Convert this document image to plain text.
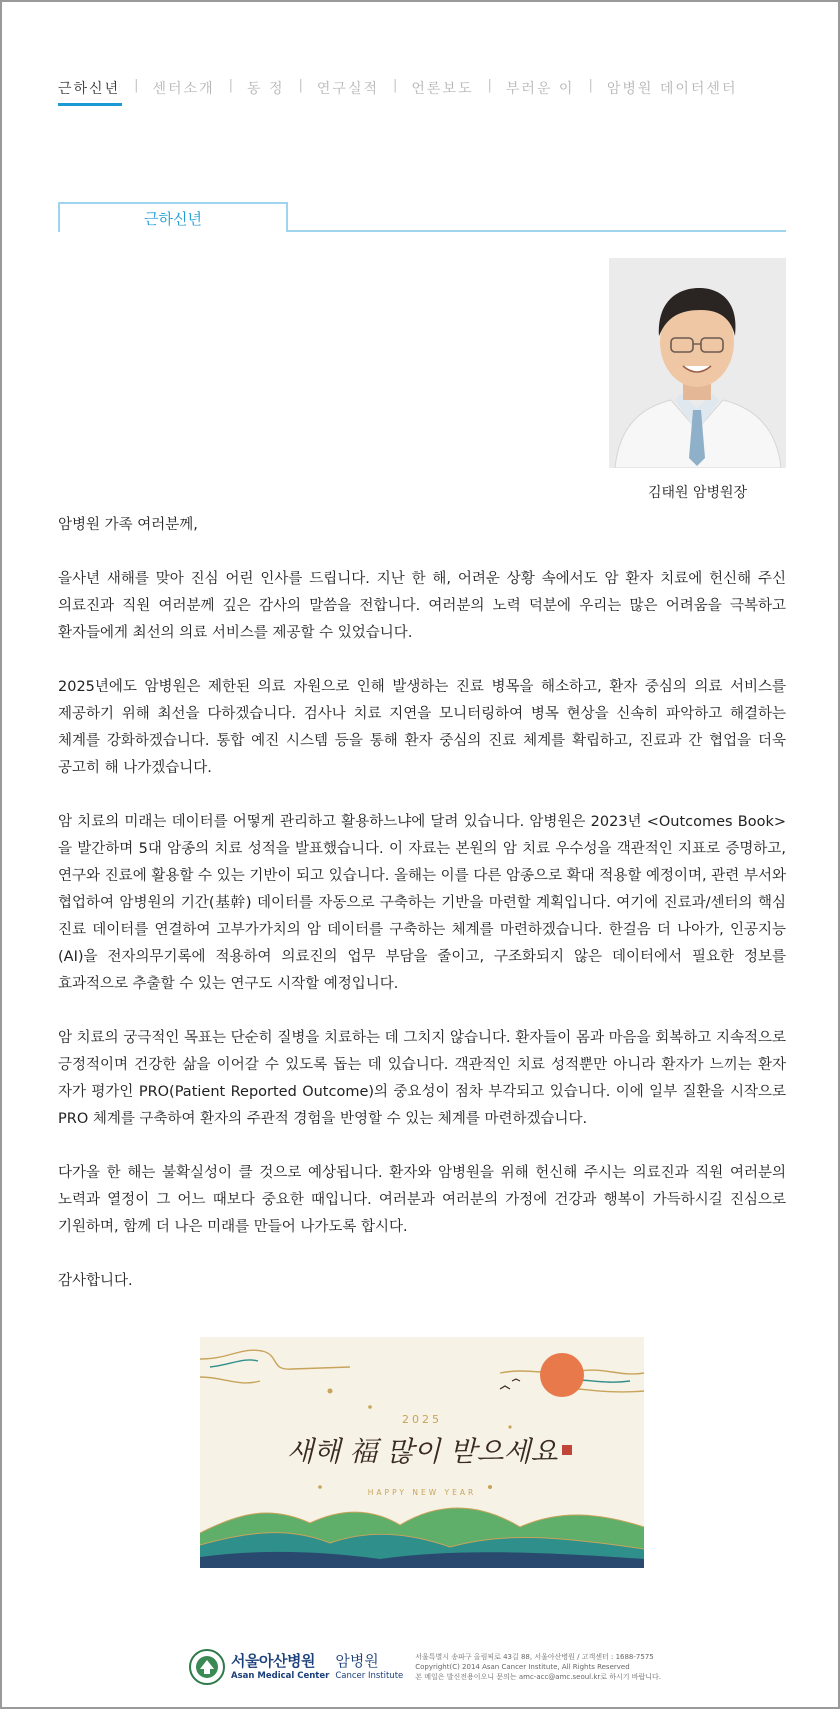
근하신년 | 센터소개 | 동 정 | 연구실적 | 언론보도 | 부러운 이 | 암병원 데이터센터
근하신년
김태원 암병원장

암병원 가족 여러분께,

을사년 새해를 맞아 진심 어린 인사를 드립니다. 지난 한 해, 어려운 상황 속에서도 암 환자 치료에 헌신해 주신 의료진과 직원 여러분께 깊은 감사의 말씀을 전합니다. 여러분의 노력 덕분에 우리는 많은 어려움을 극복하고 환자들에게 최선의 의료 서비스를 제공할 수 있었습니다.

2025년에도 암병원은 제한된 의료 자원으로 인해 발생하는 진료 병목을 해소하고, 환자 중심의 의료 서비스를 제공하기 위해 최선을 다하겠습니다. 검사나 치료 지연을 모니터링하여 병목 현상을 신속히 파악하고 해결하는 체계를 강화하겠습니다. 통합 예진 시스템 등을 통해 환자 중심의 진료 체계를 확립하고, 진료과 간 협업을 더욱 공고히 해 나가겠습니다.

암 치료의 미래는 데이터를 어떻게 관리하고 활용하느냐에 달려 있습니다. 암병원은 2023년 <Outcomes Book>을 발간하며 5대 암종의 치료 성적을 발표했습니다. 이 자료는 본원의 암 치료 우수성을 객관적인 지표로 증명하고, 연구와 진료에 활용할 수 있는 기반이 되고 있습니다. 올해는 이를 다른 암종으로 확대 적용할 예정이며, 관련 부서와 협업하여 암병원의 기간(基幹) 데이터를 자동으로 구축하는 기반을 마련할 계획입니다. 여기에 진료과/센터의 핵심 진료 데이터를 연결하여 고부가가치의 암 데이터를 구축하는 체계를 마련하겠습니다. 한걸음 더 나아가, 인공지능(AI)을 전자의무기록에 적용하여 의료진의 업무 부담을 줄이고, 구조화되지 않은 데이터에서 필요한 정보를 효과적으로 추출할 수 있는 연구도 시작할 예정입니다.

암 치료의 궁극적인 목표는 단순히 질병을 치료하는 데 그치지 않습니다. 환자들이 몸과 마음을 회복하고 지속적으로 긍정적이며 건강한 삶을 이어갈 수 있도록 돕는 데 있습니다. 객관적인 치료 성적뿐만 아니라 환자가 느끼는 환자 자가 평가인 PRO(Patient Reported Outcome)의 중요성이 점차 부각되고 있습니다. 이에 일부 질환을 시작으로 PRO 체계를 구축하여 환자의 주관적 경험을 반영할 수 있는 체계를 마련하겠습니다.

다가올 한 해는 불확실성이 클 것으로 예상됩니다. 환자와 암병원을 위해 헌신해 주시는 의료진과 직원 여러분의 노력과 열정이 그 어느 때보다 중요한 때입니다. 여러분과 여러분의 가정에 건강과 행복이 가득하시길 진심으로 기원하며, 함께 더 나은 미래를 만들어 나가도록 합시다.

감사합니다.

2025
새해 福 많이 받으세요
HAPPY NEW YEAR
서울아산병원
Asan Medical Center
암병원
Cancer Institute
서울특별시 송파구 올림픽로 43길 88, 서울아산병원 / 고객센터 : 1688-7575
Copyright(C) 2014 Asan Cancer Institute, All Rights Reserved
본 메일은 발신전용이오니 문의는 amc-acc@amc.seoul.kr로 하시기 바랍니다.
